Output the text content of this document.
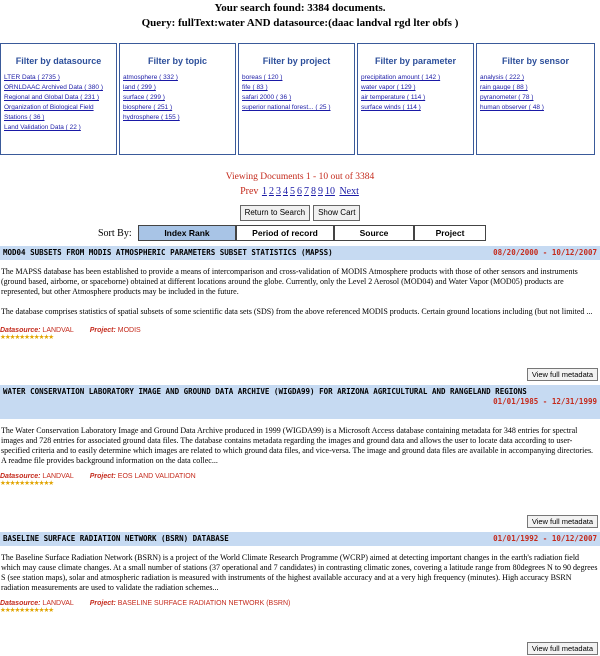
Your search found: 3384 documents.
Query: fullText:water AND datasource:(daac landval rgd lter obfs )
Filter by datasource
LTER Data ( 2735 )
ORNLDAAC Archived Data ( 380 )
Regional and Global Data ( 231 )
Organization of Biological Field
Stations ( 36 )
Land Validation Data ( 22 )
Filter by topic
atmosphere ( 332 )
land ( 299 )
surface ( 299 )
biosphere ( 251 )
hydrosphere ( 155 )
Filter by project
boreas ( 120 )
fife ( 83 )
safari 2000 ( 36 )
superior national forest... ( 25 )
Filter by parameter
precipitation amount ( 142 )
water vapor ( 129 )
air temperature ( 114 )
surface winds ( 114 )
Filter by sensor
analysis ( 222 )
rain gauge ( 88 )
pyranometer ( 78 )
human observer ( 48 )
Viewing Documents 1 - 10 out of 3384
Prev 1 2 3 4 5 6 7 8 9 10 Next
Return to Search	Show Cart
Sort By:	Index Rank	Period of record	Source	Project
MOD04 SUBSETS FROM MODIS ATMOSPHERIC PARAMETERS SUBSET STATISTICS (MAPSS)	08/20/2000 - 10/12/2007

The MAPSS database has been established to provide a means of intercomparison and cross-validation of MODIS Atmosphere products with those of other sensors and instruments (ground based, airborne, or spaceborne) obtained at different locations around the globe. Currently, only the Level 2 Aerosol (MOD04) and Water Vapor (MOD05) products are represented, but other Atmosphere products may be included in the future.

The database comprises statistics of spatial subsets of some scientific data sets (SDS) from the above referenced MODIS products. Certain ground locations including (but not limited ...

Datasource: LANDVAL Project: MODIS
★★★★★★★★★★★
View full metadata
WATER CONSERVATION LABORATORY IMAGE AND GROUND DATA ARCHIVE (WIGDA99) FOR ARIZONA AGRICULTURAL AND RANGELAND REGIONS
01/01/1985 - 12/31/1999

The Water Conservation Laboratory Image and Ground Data Archive produced in 1999 (WIGDA99) is a Microsoft Access database containing metadata for 348 entries for spectral images and 728 entries for associated ground data files. The database contains metadata regarding the images and ground data and allows the user to locate data according to user-specified criteria and to easily determine which images are related to which ground data files, and vice-versa. The image and ground data files are available in accompanying directories. A readme file provides background information on the data collec...

Datasource: LANDVAL Project: EOS LAND VALIDATION
★★★★★★★★★★★
View full metadata
BASELINE SURFACE RADIATION NETWORK (BSRN) DATABASE	01/01/1992 - 10/12/2007

The Baseline Surface Radiation Network (BSRN) is a project of the World Climate Research Programme (WCRP) aimed at detecting important changes in the earth's radiation field which may cause climate changes. At a small number of stations (37 operational and 7 candidates) in contrasting climatic zones, covering a latitude range from 80degrees N to 90 degrees S (see station maps), solar and atmospheric radiation is measured with instruments of the highest available accuracy and at a very high frequency (minutes). High accuracy BSRN radiation measurements are used to validate the radiation schemes...

Datasource: LANDVAL Project: BASELINE SURFACE RADIATION NETWORK (BSRN)
★★★★★★★★★★★
View full metadata
